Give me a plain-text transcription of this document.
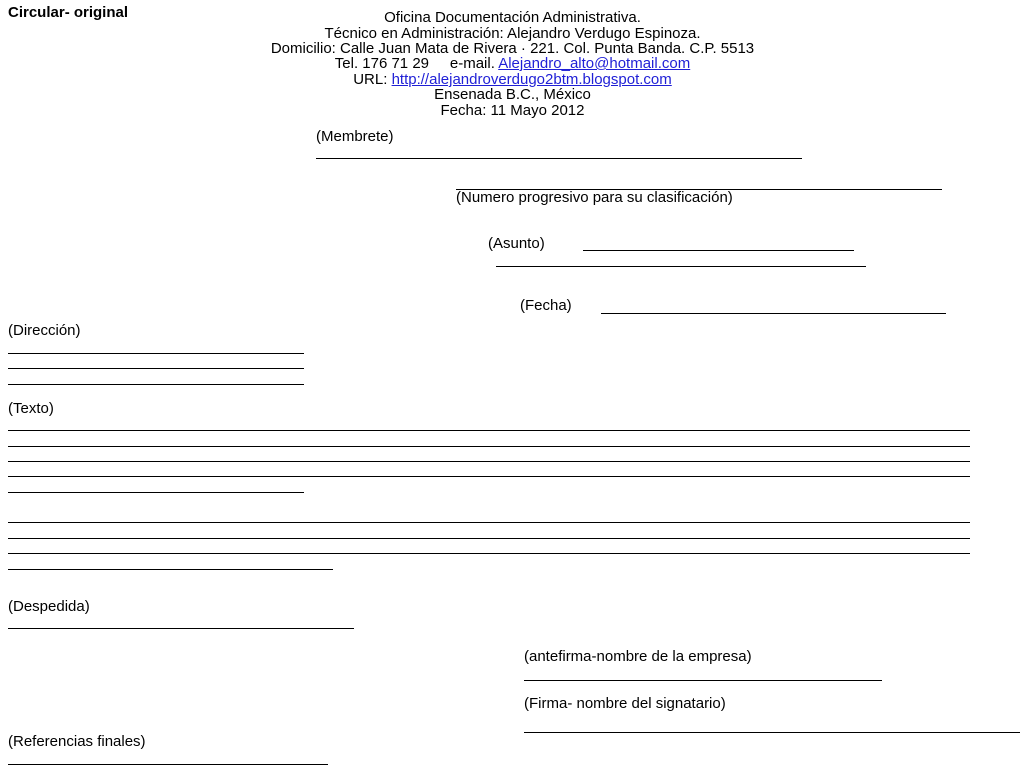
Circular- original	Oficina Documentación Administrativa.
Técnico en Administración: Alejandro Verdugo Espinoza.
Domicilio: Calle Juan Mata de Rivera · 221. Col. Punta Banda. C.P. 5513
Tel. 176 71 29 e-mail. Alejandro_alto@hotmail.com
URL: http://alejandroverdugo2btm.blogspot.com
Ensenada B.C., México
Fecha: 11 Mayo 2012
(Membrete)
(Numero progresivo para su clasificación)
(Asunto)
(Fecha)
(Dirección)
(Texto)
(Despedida)
(antefirma-nombre de la empresa)
(Firma- nombre del signatario)
(Referencias finales)
